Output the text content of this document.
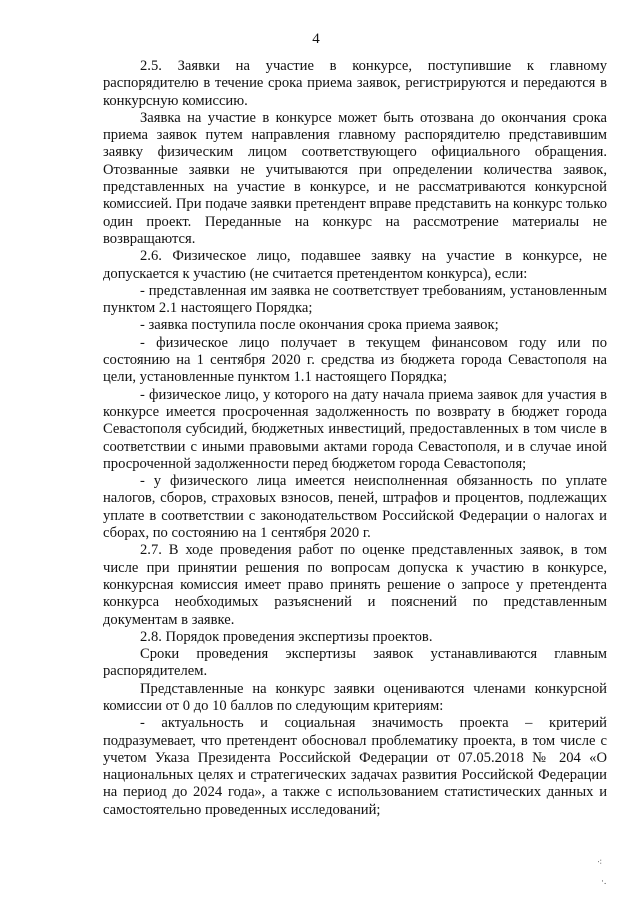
4

2.5. Заявки на участие в конкурсе, поступившие к главному распорядителю в течение срока приема заявок, регистрируются и передаются в конкурсную комиссию.

Заявка на участие в конкурсе может быть отозвана до окончания срока приема заявок путем направления главному распорядителю представившим заявку физическим лицом соответствующего официального обращения. Отозванные заявки не учитываются при определении количества заявок, представленных на участие в конкурсе, и не рассматриваются конкурсной комиссией. При подаче заявки претендент вправе представить на конкурс только один проект. Переданные на конкурс на рассмотрение материалы не возвращаются.

2.6. Физическое лицо, подавшее заявку на участие в конкурсе, не допускается к участию (не считается претендентом конкурса), если:

- представленная им заявка не соответствует требованиям, установленным пунктом 2.1 настоящего Порядка;

- заявка поступила после окончания срока приема заявок;

- физическое лицо получает в текущем финансовом году или по состоянию на 1 сентября 2020 г. средства из бюджета города Севастополя на цели, установленные пунктом 1.1 настоящего Порядка;

- физическое лицо, у которого на дату начала приема заявок для участия в конкурсе имеется просроченная задолженность по возврату в бюджет города Севастополя субсидий, бюджетных инвестиций, предоставленных в том числе в соответствии с иными правовыми актами города Севастополя, и в случае иной просроченной задолженности перед бюджетом города Севастополя;

- у физического лица имеется неисполненная обязанность по уплате налогов, сборов, страховых взносов, пеней, штрафов и процентов, подлежащих уплате в соответствии с законодательством Российской Федерации о налогах и сборах, по состоянию на 1 сентября 2020 г.

2.7. В ходе проведения работ по оценке представленных заявок, в том числе при принятии решения по вопросам допуска к участию в конкурсе, конкурсная комиссия имеет право принять решение о запросе у претендента конкурса необходимых разъяснений и пояснений по представленным документам в заявке.

2.8. Порядок проведения экспертизы проектов.

Сроки проведения экспертизы заявок устанавливаются главным распорядителем.

Представленные на конкурс заявки оцениваются членами конкурсной комиссии от 0 до 10 баллов по следующим критериям:

- актуальность и социальная значимость проекта – критерий подразумевает, что претендент обосновал проблематику проекта, в том числе с учетом Указа Президента Российской Федерации от 07.05.2018 № 204 «О национальных целях и стратегических задачах развития Российской Федерации на период до 2024 года», а также с использованием статистических данных и самостоятельно проведенных исследований;

⁖
·.
